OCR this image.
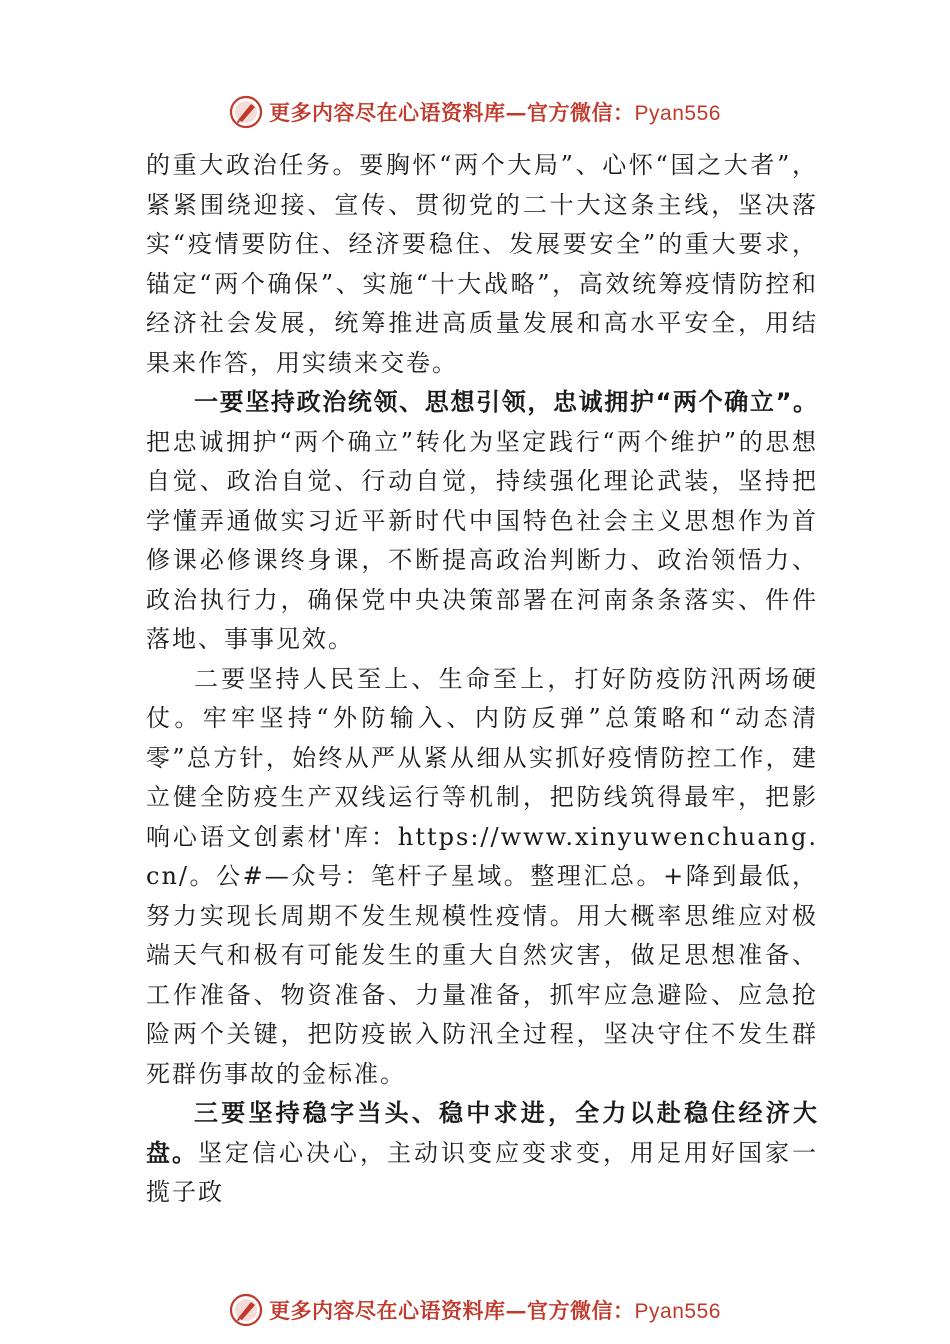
更多内容尽在心语资料库—官方微信：Pyan556

的重大政治任务。要胸怀“两个大局”、心怀“国之大者”，紧紧围绕迎接、宣传、贯彻党的二十大这条主线，坚决落实“疫情要防住、经济要稳住、发展要安全”的重大要求，锚定“两个确保”、实施“十大战略”，高效统筹疫情防控和经济社会发展，统筹推进高质量发展和高水平安全，用结果来作答，用实绩来交卷。

一要坚持政治统领、思想引领，忠诚拥护“两个确立”。把忠诚拥护“两个确立”转化为坚定践行“两个维护”的思想自觉、政治自觉、行动自觉，持续强化理论武装，坚持把学懂弄通做实习近平新时代中国特色社会主义思想作为首修课必修课终身课，不断提高政治判断力、政治领悟力、政治执行力，确保党中央决策部署在河南条条落实、件件落地、事事见效。

二要坚持人民至上、生命至上，打好防疫防汛两场硬仗。牢牢坚持“外防输入、内防反弹”总策略和“动态清零”总方针，始终从严从紧从细从实抓好疫情防控工作，建立健全防疫生产双线运行等机制，把防线筑得最牢，把影响心语文创素材'库：https://www.xinyuwenchuang.cn/。公#—众号：笔杆子星域。整理汇总。+降到最低，努力实现长周期不发生规模性疫情。用大概率思维应对极端天气和极有可能发生的重大自然灾害，做足思想准备、工作准备、物资准备、力量准备，抓牢应急避险、应急抢险两个关键，把防疫嵌入防汛全过程，坚决守住不发生群死群伤事故的金标准。

三要坚持稳字当头、稳中求进，全力以赴稳住经济大盘。坚定信心决心，主动识变应变求变，用足用好国家一揽子政

更多内容尽在心语资料库—官方微信：Pyan556
